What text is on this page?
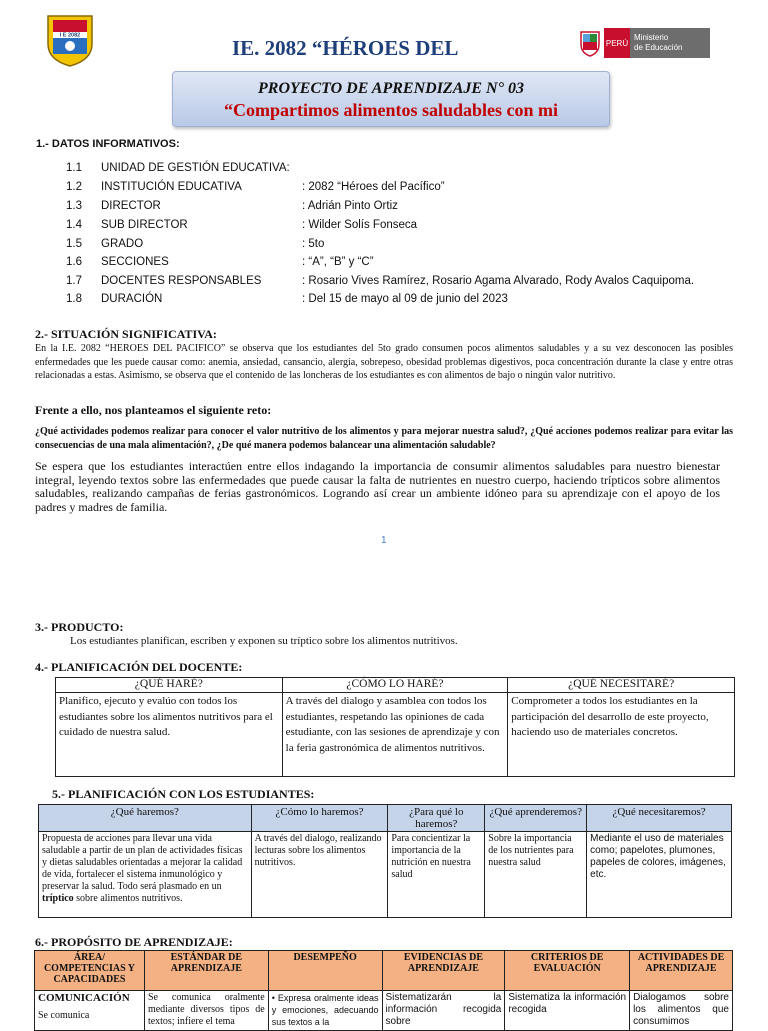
I E 2082
IE. 2082 “HÉROES DEL	PERÚ
Ministerio
de Educación
PROYECTO DE APRENDIZAJE N° 03
“Compartimos alimentos saludables con mi
1.- DATOS INFORMATIVOS:
1.1 UNIDAD DE GESTIÓN EDUCATIVA:
1.2 INSTITUCIÓN EDUCATIVA	: 2082 “Héroes del Pacífico”
1.3 DIRECTOR	: Adrián Pinto Ortiz
1.4 SUB DIRECTOR	: Wilder Solís Fonseca
1.5 GRADO	: 5to
1.6 SECCIONES	: “A”, “B” y “C”
1.7 DOCENTES RESPONSABLES	: Rosario Vives Ramírez, Rosario Agama Alvarado, Rody Avalos Caquipoma.
1.8 DURACIÓN	: Del 15 de mayo al 09 de junio del 2023
2.- SITUACIÓN SIGNIFICATIVA:
En la I.E. 2082 “HEROES DEL PACIFICO” se observa que los estudiantes del 5to grado consumen pocos alimentos saludables y a su vez desconocen las posibles enfermedades que les puede causar como: anemia, ansiedad, cansancio, alergia, sobrepeso, obesidad problemas digestivos, poca concentración durante la clase y entre otras relacionadas a estas. Asimismo, se observa que el contenido de las loncheras de los estudiantes es con alimentos de bajo o ningún valor nutritivo.
Frente a ello, nos planteamos el siguiente reto:
¿Qué actividades podemos realizar para conocer el valor nutritivo de los alimentos y para mejorar nuestra salud?, ¿Qué acciones podemos realizar para evitar las consecuencias de una mala alimentación?, ¿De qué manera podemos balancear una alimentación saludable?
Se espera que los estudiantes interactúen entre ellos indagando la importancia de consumir alimentos saludables para nuestro bienestar integral, leyendo textos sobre las enfermedades que puede causar la falta de nutrientes en nuestro cuerpo, haciendo trípticos sobre alimentos saludables, realizando campañas de ferias gastronómicos. Logrando así crear un ambiente idóneo para su aprendizaje con el apoyo de los padres y madres de familia.
1
3.- PRODUCTO:
Los estudiantes planifican, escriben y exponen su tríptico sobre los alimentos nutritivos.
4.- PLANIFICACIÓN DEL DOCENTE:
¿QUÉ HARÉ?	¿CÓMO LO HARÉ?	¿QUÉ NECESITARÉ?
Planifico, ejecuto y evalúo con todos los estudiantes sobre los alimentos nutritivos para el cuidado de nuestra salud.	A través del dialogo y asamblea con todos los estudiantes, respetando las opiniones de cada estudiante, con las sesiones de aprendizaje y con la feria gastronómica de alimentos nutritivos.	Comprometer a todos los estudiantes en la participación del desarrollo de este proyecto, haciendo uso de materiales concretos.
5.- PLANIFICACIÓN CON LOS ESTUDIANTES:
¿Qué haremos?	¿Cómo lo haremos?	¿Para qué lo haremos?	¿Qué aprenderemos?	¿Qué necesitaremos?
Propuesta de acciones para llevar una vida saludable a partir de un plan de actividades físicas y dietas saludables orientadas a mejorar la calidad de vida, fortalecer el sistema inmunológico y preservar la salud. Todo será plasmado en un tríptico sobre alimentos nutritivos.	A través del dialogo, realizando lecturas sobre los alimentos nutritivos.	Para concientizar la importancia de la nutrición en nuestra salud	Sobre la importancia de los nutrientes para nuestra salud	Mediante el uso de materiales como; papelotes, plumones, papeles de colores, imágenes, etc.
6.- PROPÓSITO DE APRENDIZAJE:
ÁREA/ COMPETENCIAS Y CAPACIDADES	ESTÁNDAR DE APRENDIZAJE	DESEMPEÑO	EVIDENCIAS DE APRENDIZAJE	CRITERIOS DE EVALUACIÓN	ACTIVIDADES DE APRENDIZAJE

COMUNICACIÓN
Se comunica	Se comunica oralmente mediante diversos tipos de textos; infiere el tema	• Expresa oralmente ideas y emociones, adecuando sus textos a la	Sistematizarán la información recogida sobre	Sistematiza la información recogida	Dialogamos sobre los alimentos que consumimos
